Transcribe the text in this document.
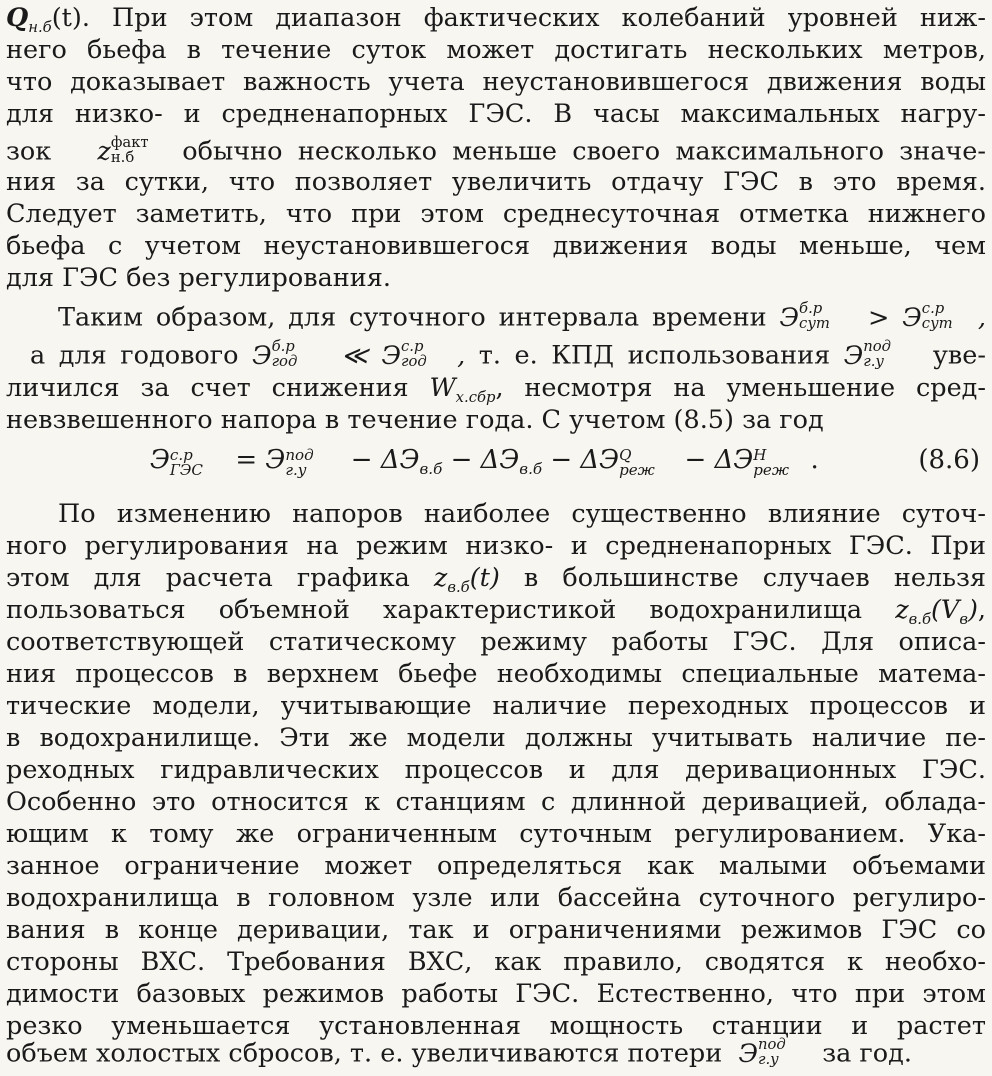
$Q_{н.б}(t)$. При этом диапазон фактических колебаний уровней ниж-
него бьефа в течение суток может достигать нескольких метров,
что доказывает важность учета неустановившегося движения воды
для низко- и средненапорных ГЭС. В часы максимальных нагру-
зок z факт
н.б обычно несколько меньше своего максимального значе-
ния за сутки, что позволяет увеличить отдачу ГЭС в это время.
Следует заметить, что при этом среднесуточная отметка нижнего
бьефа с учетом неустановившегося движения воды меньше, чем
для ГЭС без регулирования.
Таким образом, для суточного интервала времени Э б.р
сут > Э с.р
сут ,
а для годового Э б.р
год ≪ Э с.р
год , т. е. КПД использования Э под
г.у уве-
личился за счет снижения $W_{х.сбр}$, несмотря на уменьшение сред-
невзвешенного напора в течение года. С учетом (8.5) за год
Э с.р
ГЭС = Э под
$г.у - \Delta Э_{в.б} - \Delta Э_{в.б} - \Delta Э$ Q
реж − ΔЭ H
реж .	(8.6)
По изменению напоров наиболее существенно влияние суточ-
ного регулирования на режим низко- и средненапорных ГЭС. При
этом для расчета графика $z_{в.б}(t)$ в большинстве случаев нельзя
пользоваться объемной характеристикой водохранилища $z_{в.б}(V_в)$,
соответствующей статическому режиму работы ГЭС. Для описа-
ния процессов в верхнем бьефе необходимы специальные матема-
тические модели, учитывающие наличие переходных процессов и
в водохранилище. Эти же модели должны учитывать наличие пе-
реходных гидравлических процессов и для деривационных ГЭС.
Особенно это относится к станциям с длинной деривацией, облада-
ющим к тому же ограниченным суточным регулированием. Ука-
занное ограничение может определяться как малыми объемами
водохранилища в головном узле или бассейна суточного регулиро-
вания в конце деривации, так и ограничениями режимов ГЭС со
стороны ВХС. Требования ВХС, как правило, сводятся к необхо-
димости базовых режимов работы ГЭС. Естественно, что при этом
резко уменьшается установленная мощность станции и растет
объем холостых сбросов, т. е. увеличиваются потери Э под
г.у за год.
